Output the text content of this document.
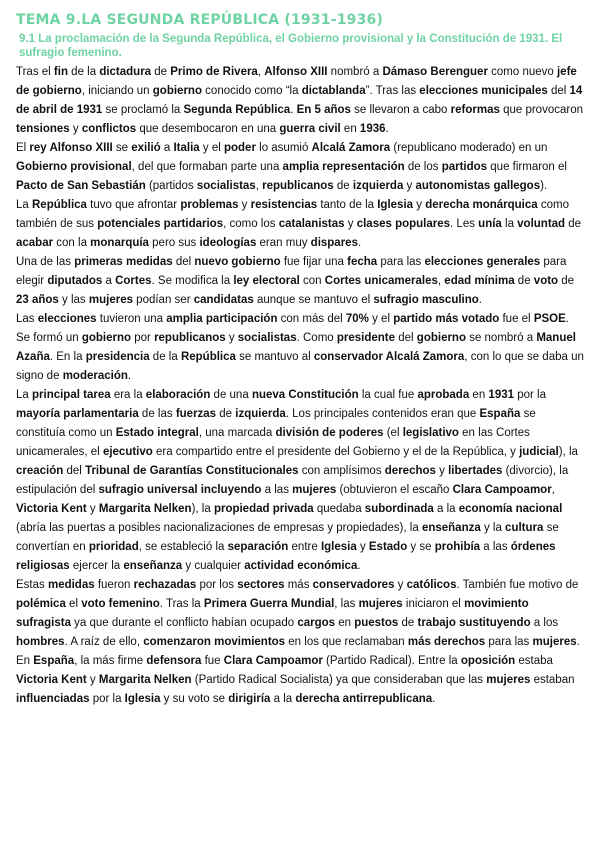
TEMA 9.LA SEGUNDA REPÚBLICA (1931-1936)
9.1 La proclamación de la Segunda República, el Gobierno provisional y la Constitución de 1931. El sufragio femenino.

Tras el fin de la dictadura de Primo de Rivera, Alfonso XIII nombró a Dámaso Berenguer como nuevo jefe de gobierno, iniciando un gobierno conocido como “la dictablanda”. Tras las elecciones municipales del 14 de abril de 1931 se proclamó la Segunda República. En 5 años se llevaron a cabo reformas que provocaron tensiones y conflictos que desembocaron en una guerra civil en 1936.

El rey Alfonso XIII se exilió a Italia y el poder lo asumió Alcalá Zamora (republicano moderado) en un Gobierno provisional, del que formaban parte una amplia representación de los partidos que firmaron el Pacto de San Sebastián (partidos socialistas, republicanos de izquierda y autonomistas gallegos).

La República tuvo que afrontar problemas y resistencias tanto de la Iglesia y derecha monárquica como también de sus potenciales partidarios, como los catalanistas y clases populares. Les unía la voluntad de acabar con la monarquía pero sus ideologías eran muy dispares.

Una de las primeras medidas del nuevo gobierno fue fijar una fecha para las elecciones generales para elegir diputados a Cortes. Se modifica la ley electoral con Cortes unicamerales, edad mínima de voto de 23 años y las mujeres podían ser candidatas aunque se mantuvo el sufragio masculino.

Las elecciones tuvieron una amplia participación con más del 70% y el partido más votado fue el PSOE. Se formó un gobierno por republicanos y socialistas. Como presidente del gobierno se nombró a Manuel Azaña. En la presidencia de la República se mantuvo al conservador Alcalá Zamora, con lo que se daba un signo de moderación.

La principal tarea era la elaboración de una nueva Constitución la cual fue aprobada en 1931 por la mayoría parlamentaria de las fuerzas de izquierda. Los principales contenidos eran que España se constituía como un Estado integral, una marcada división de poderes (el legislativo en las Cortes unicamerales, el ejecutivo era compartido entre el presidente del Gobierno y el de la República, y judicial), la creación del Tribunal de Garantías Constitucionales con amplísimos derechos y libertades (divorcio), la estipulación del sufragio universal incluyendo a las mujeres (obtuvieron el escaño Clara Campoamor, Victoria Kent y Margarita Nelken), la propiedad privada quedaba subordinada a la economía nacional (abría las puertas a posibles nacionalizaciones de empresas y propiedades), la enseñanza y la cultura se convertían en prioridad, se estableció la separación entre Iglesia y Estado y se prohibía a las órdenes religiosas ejercer la enseñanza y cualquier actividad económica.

Estas medidas fueron rechazadas por los sectores más conservadores y católicos. También fue motivo de polémica el voto femenino. Tras la Primera Guerra Mundial, las mujeres iniciaron el movimiento sufragista ya que durante el conflicto habían ocupado cargos en puestos de trabajo sustituyendo a los hombres. A raíz de ello, comenzaron movimientos en los que reclamaban más derechos para las mujeres. En España, la más firme defensora fue Clara Campoamor (Partido Radical). Entre la oposición estaba Victoria Kent y Margarita Nelken (Partido Radical Socialista) ya que consideraban que las mujeres estaban influenciadas por la Iglesia y su voto se dirigiría a la derecha antirrepublicana.
